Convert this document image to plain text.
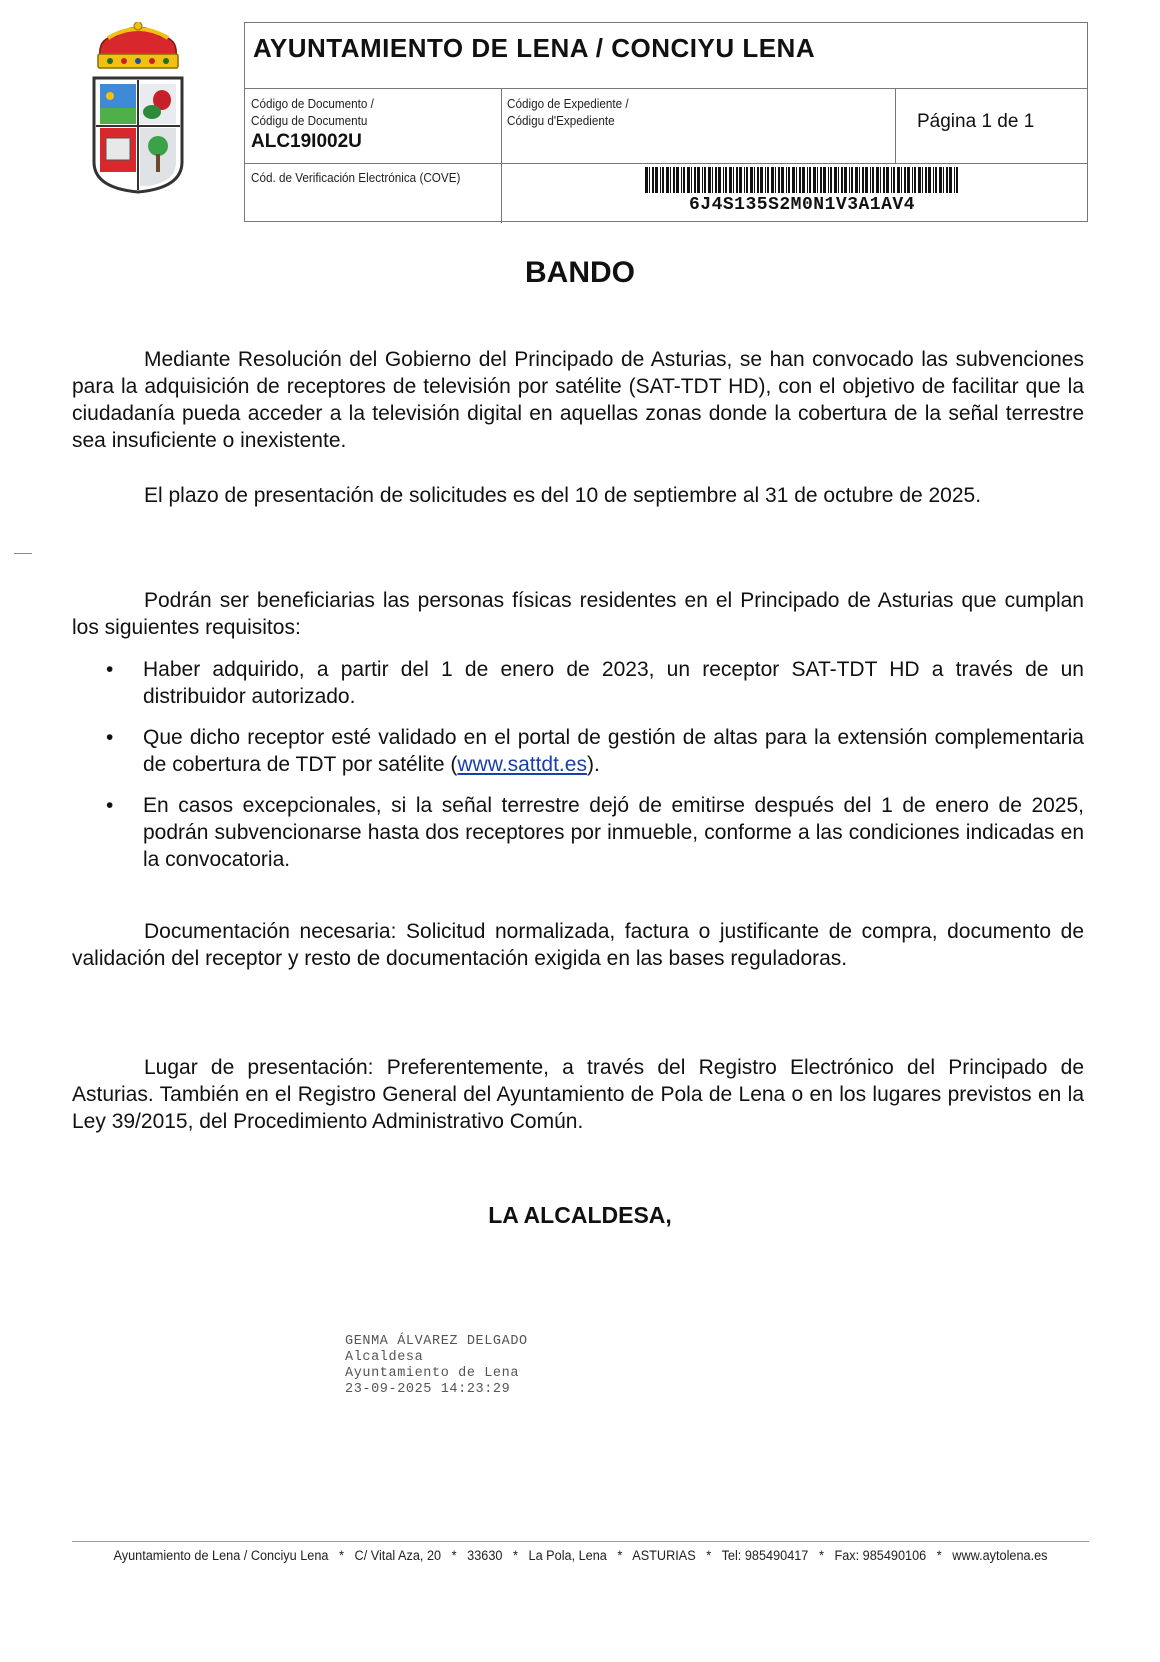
AYUNTAMIENTO DE LENA / CONCIYU LENA
Código de Documento /
Códigu de Documentu
ALC19I002U
Código de Expediente /
Códigu d'Expediente	Página 1 de 1
Cód. de Verificación Electrónica (COVE)
6J4S135S2M0N1V3A1AV4
BANDO

Mediante Resolución del Gobierno del Principado de Asturias, se han convocado las subvenciones para la adquisición de receptores de televisión por satélite (SAT-TDT HD), con el objetivo de facilitar que la ciudadanía pueda acceder a la televisión digital en aquellas zonas donde la cobertura de la señal terrestre sea insuficiente o inexistente.

El plazo de presentación de solicitudes es del 10 de septiembre al 31 de octubre de 2025.

Podrán ser beneficiarias las personas físicas residentes en el Principado de Asturias que cumplan los siguientes requisitos:

• Haber adquirido, a partir del 1 de enero de 2023, un receptor SAT-TDT HD a través de un distribuidor autorizado.

• Que dicho receptor esté validado en el portal de gestión de altas para la extensión complementaria de cobertura de TDT por satélite (www.sattdt.es).

• En casos excepcionales, si la señal terrestre dejó de emitirse después del 1 de enero de 2025, podrán subvencionarse hasta dos receptores por inmueble, conforme a las condiciones indicadas en la convocatoria.

Documentación necesaria: Solicitud normalizada, factura o justificante de compra, documento de validación del receptor y resto de documentación exigida en las bases reguladoras.

Lugar de presentación: Preferentemente, a través del Registro Electrónico del Principado de Asturias. También en el Registro General del Ayuntamiento de Pola de Lena o en los lugares previstos en la Ley 39/2015, del Procedimiento Administrativo Común.

LA ALCALDESA,
GENMA ÁLVAREZ DELGADO
Alcaldesa
Ayuntamiento de Lena
23-09-2025 14:23:29
Ayuntamiento de Lena / Conciyu Lena   *   C/ Vital Aza, 20   *   33630   *   La Pola, Lena   *   ASTURIAS   *   Tel: 985490417   *   Fax: 985490106   *   www.aytolena.es
